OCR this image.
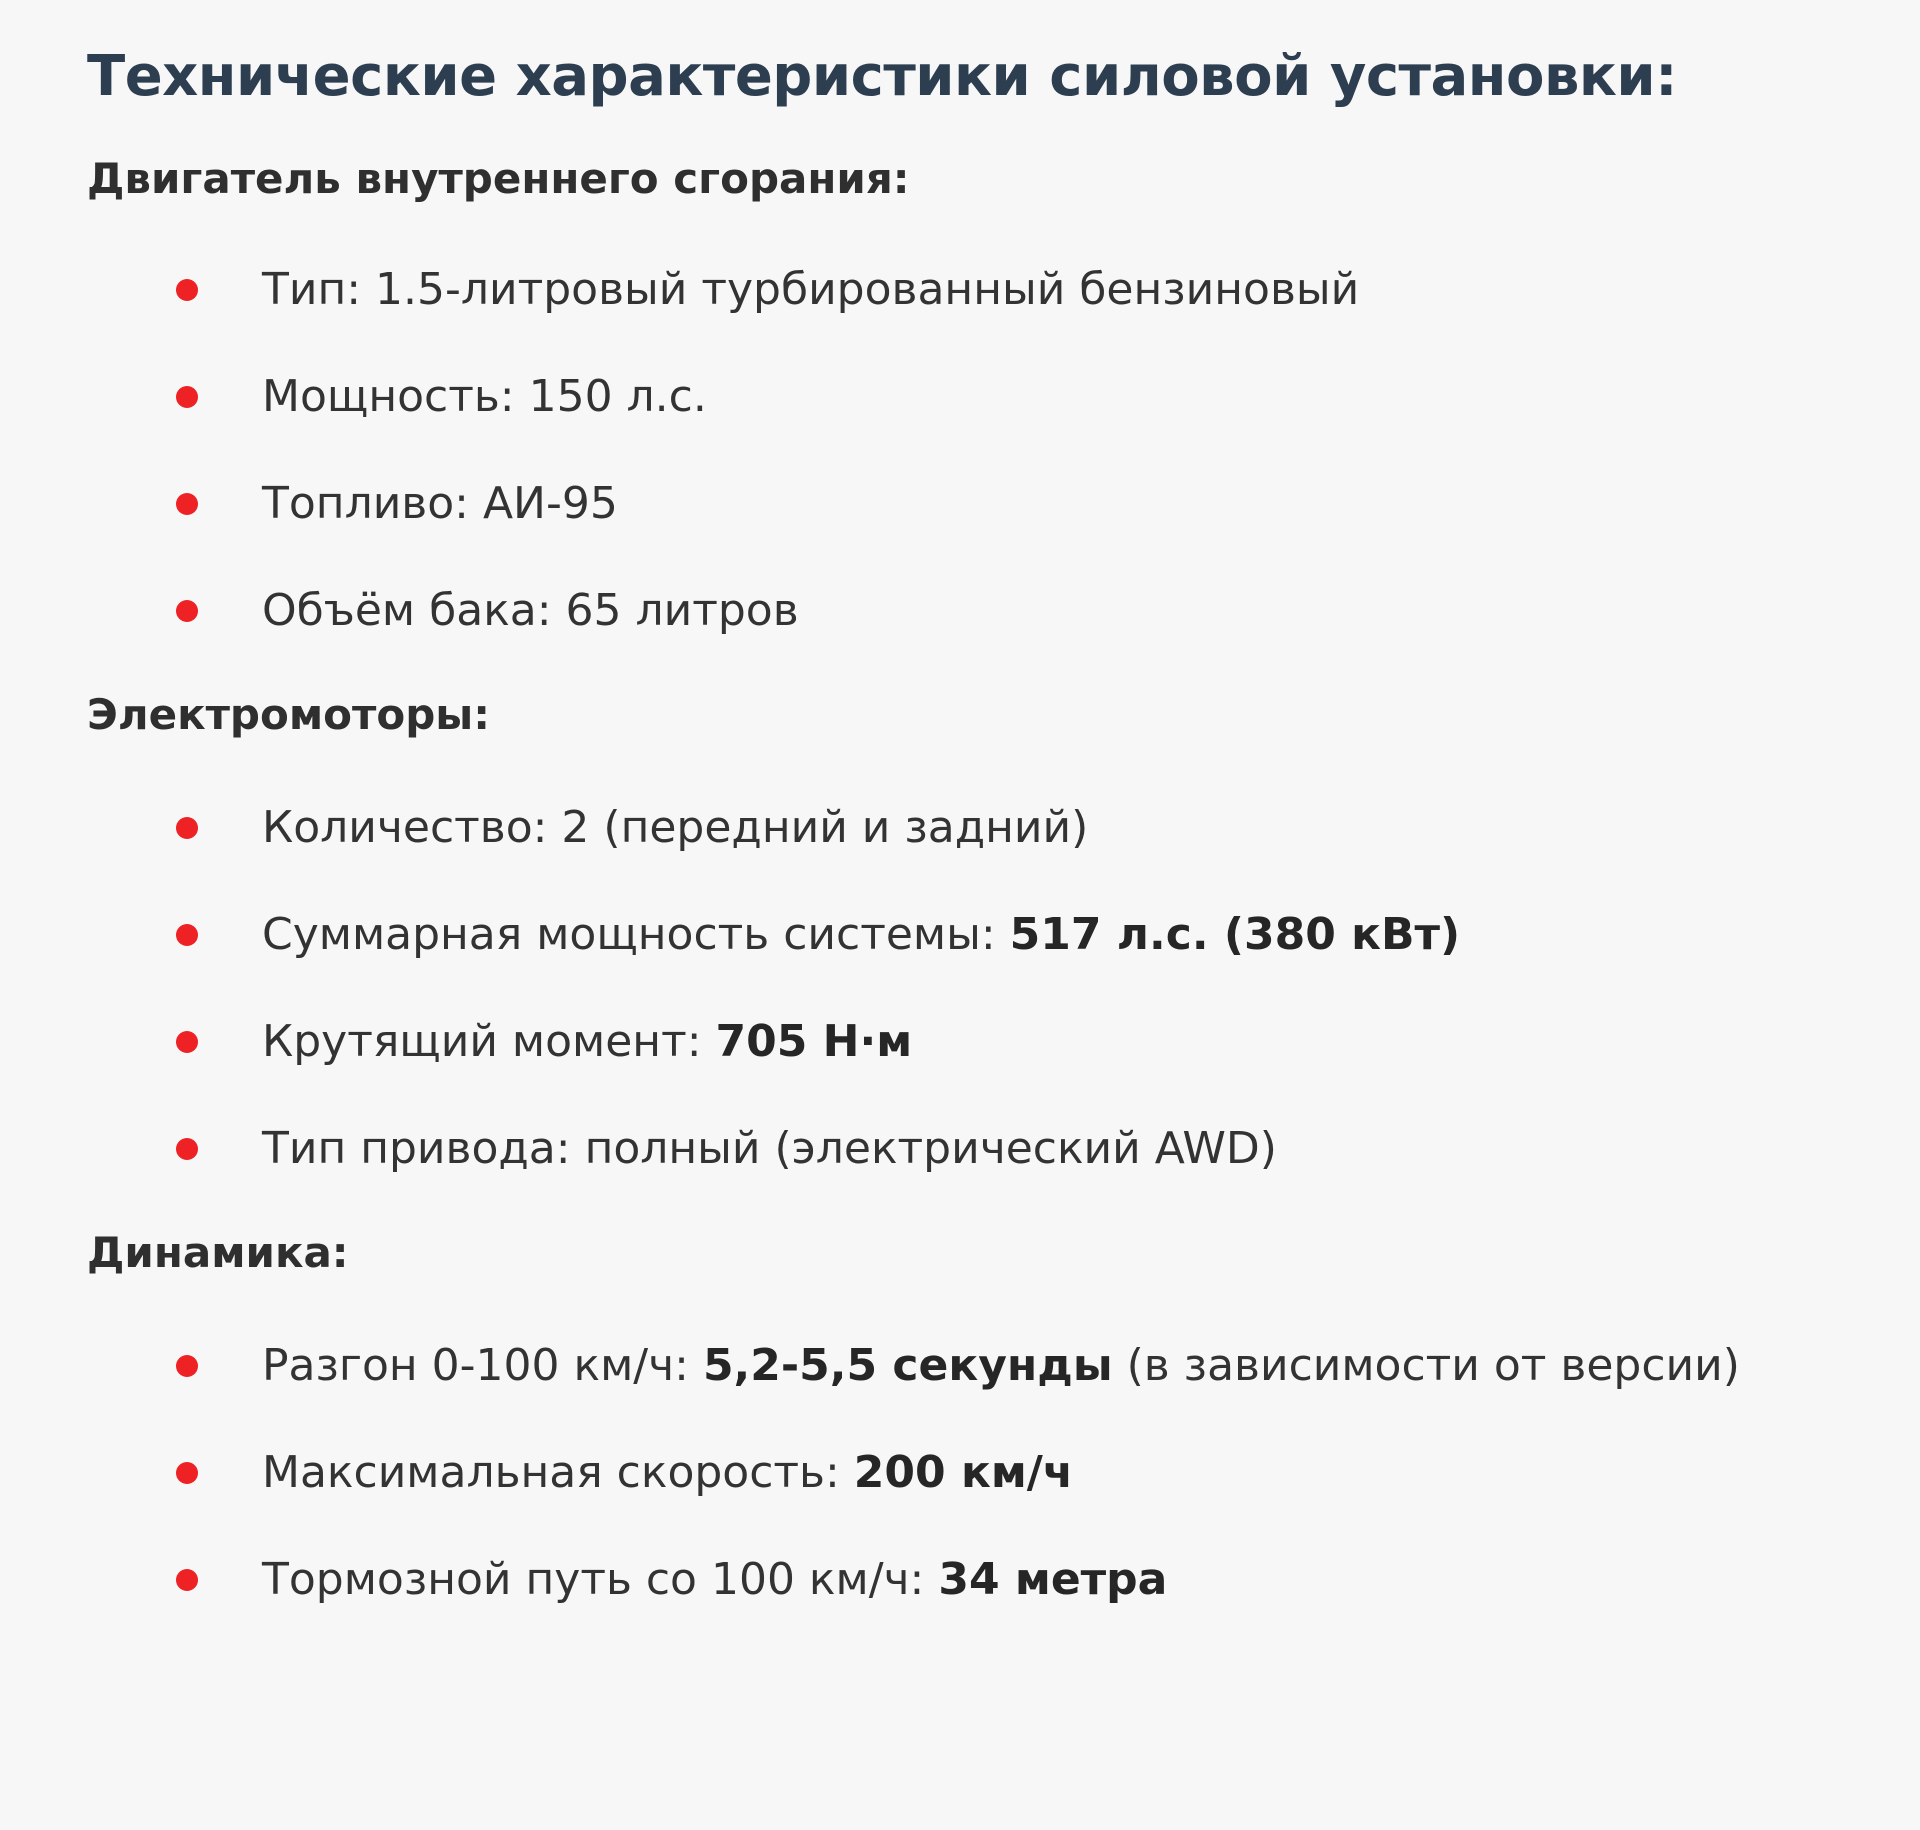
Технические характеристики силовой установки:
Двигатель внутреннего сгорания:
Тип: 1.5-литровый турбированный бензиновый
Мощность: 150 л.с.
Топливо: АИ-95
Объём бака: 65 литров
Электромоторы:
Количество: 2 (передний и задний)
Суммарная мощность системы: 517 л.с. (380 кВт)
Крутящий момент: 705 Н·м
Тип привода: полный (электрический AWD)
Динамика:
Разгон 0-100 км/ч: 5,2-5,5 секунды (в зависимости от версии)
Максимальная скорость: 200 км/ч
Тормозной путь со 100 км/ч: 34 метра
